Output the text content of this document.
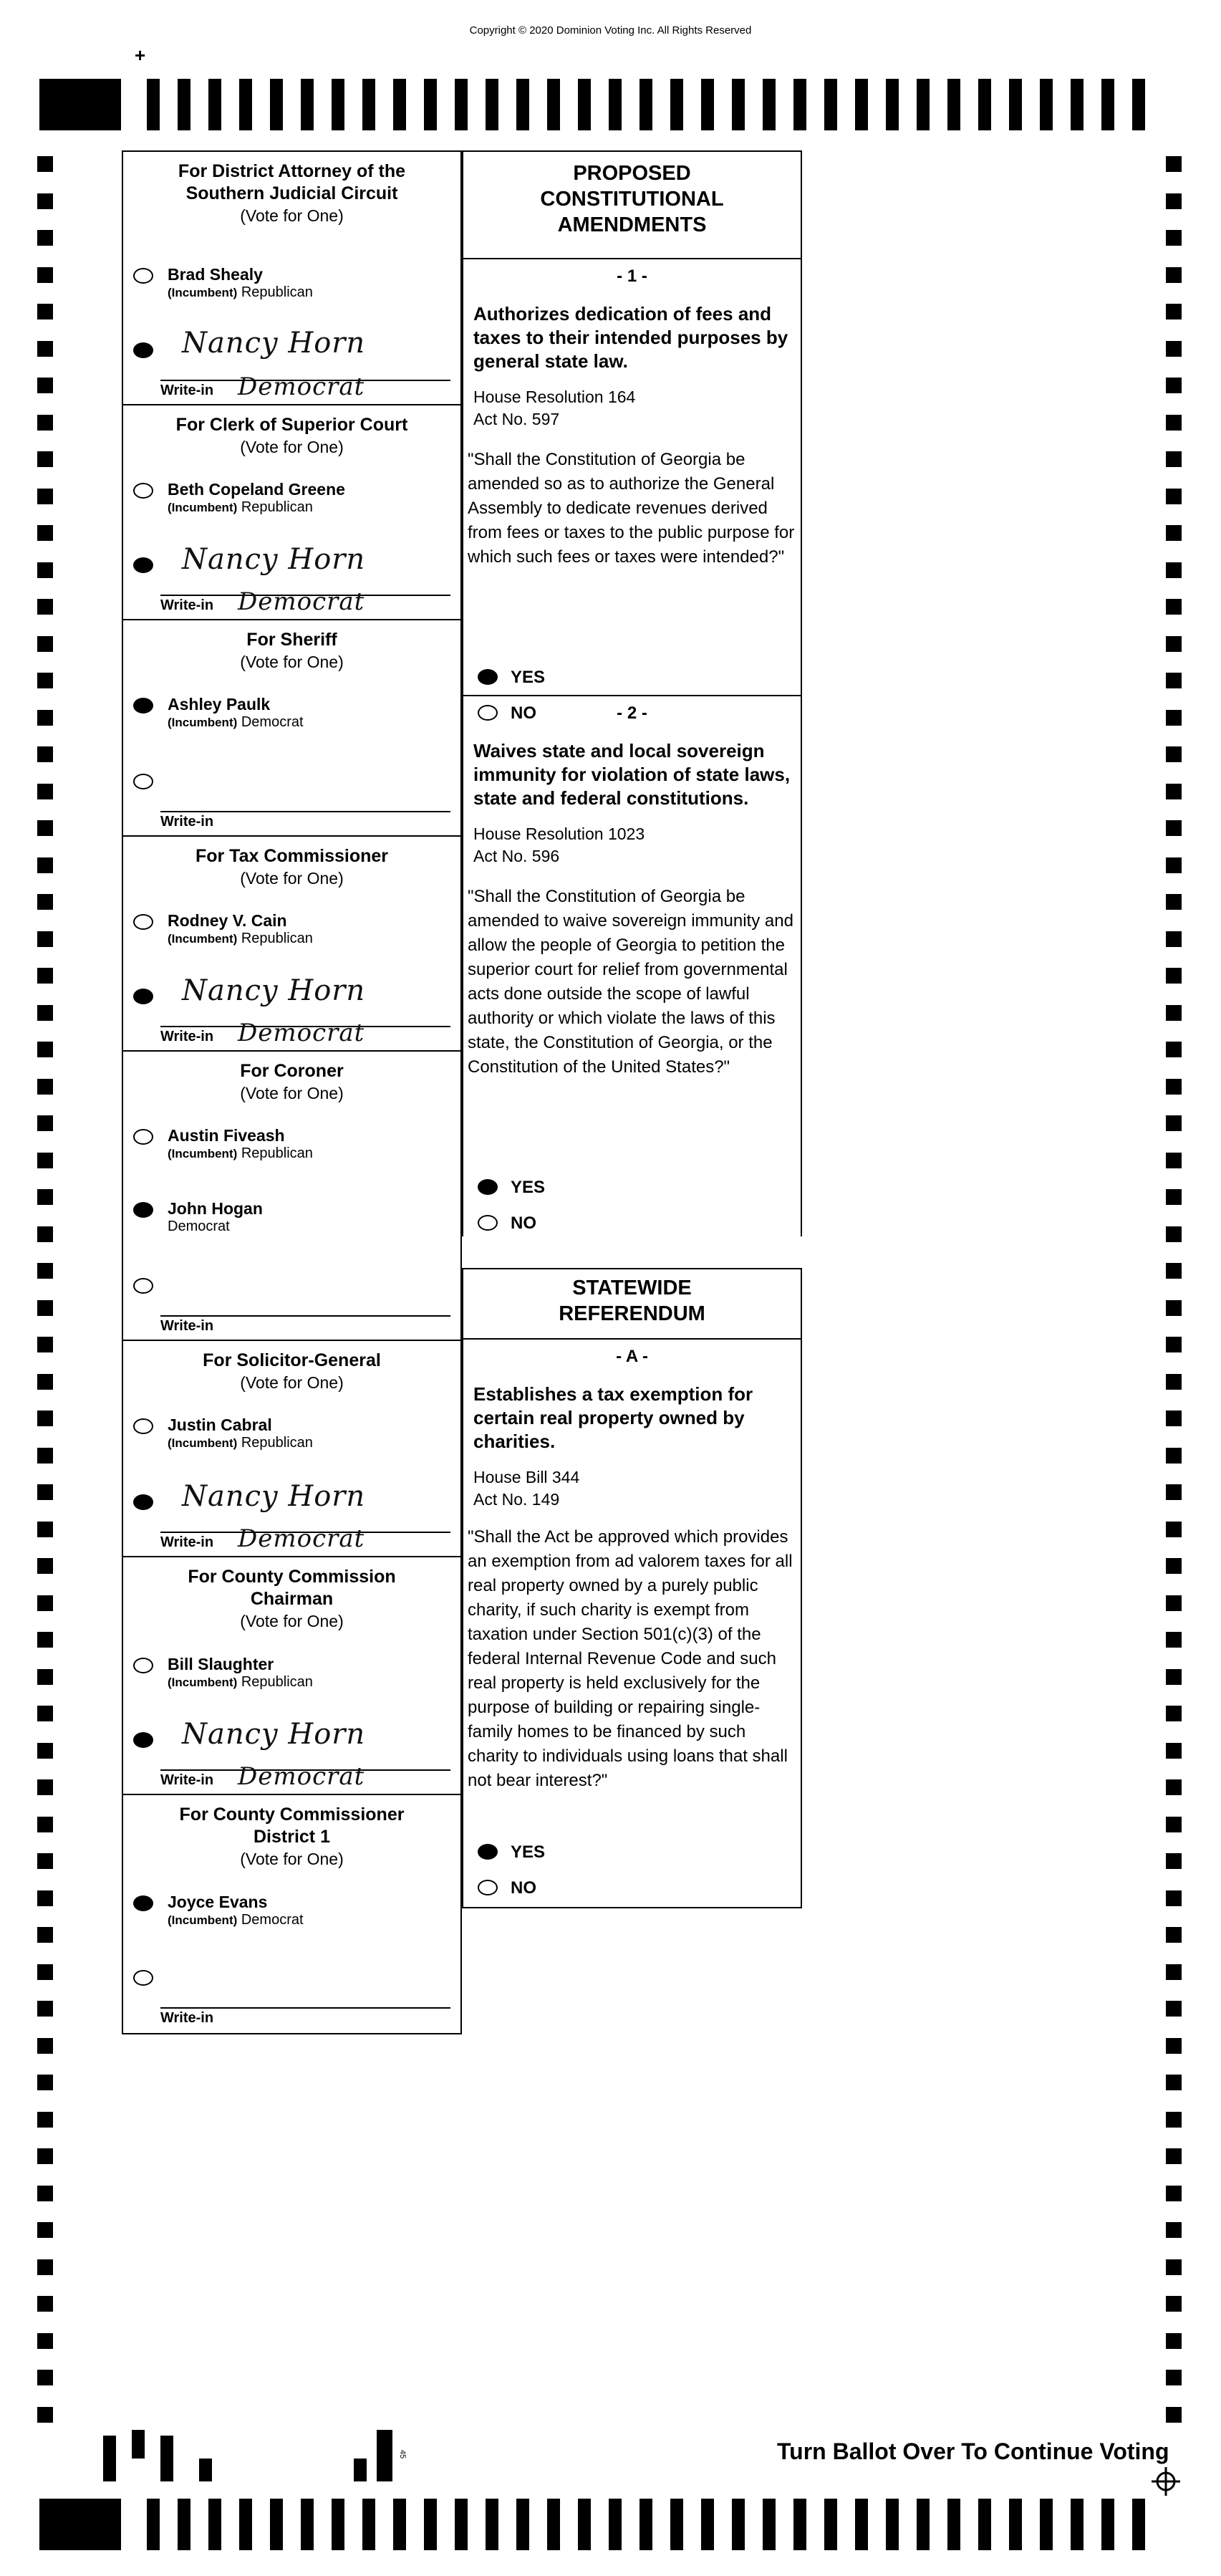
Copyright © 2020 Dominion Voting Inc. All Rights Reserved
+
For District Attorney of the Southern Judicial Circuit
(Vote for One)
Brad Shealy
(Incumbent) Republican
Nancy Horn
Write-in Democrat
For Clerk of Superior Court
(Vote for One)
Beth Copeland Greene
(Incumbent) Republican
Nancy Horn
Write-in Democrat
For Sheriff
(Vote for One)
Ashley Paulk
(Incumbent) Democrat
Write-in
For Tax Commissioner
(Vote for One)
Rodney V. Cain
(Incumbent) Republican
Nancy Horn
Write-in Democrat
For Coroner
(Vote for One)
Austin Fiveash
(Incumbent) Republican
John Hogan
Democrat
Write-in
For Solicitor-General
(Vote for One)
Justin Cabral
(Incumbent) Republican
Nancy Horn
Write-in Democrat
For County Commission Chairman
(Vote for One)
Bill Slaughter
(Incumbent) Republican
Nancy Horn
Write-in Democrat
For County Commissioner District 1
(Vote for One)
Joyce Evans
(Incumbent) Democrat
Write-in
PROPOSED CONSTITUTIONAL AMENDMENTS
- 1 -
Authorizes dedication of fees and taxes to their intended purposes by general state law.
House Resolution 164
Act No. 597
"Shall the Constitution of Georgia be amended so as to authorize the General Assembly to dedicate revenues derived from fees or taxes to the public purpose for which such fees or taxes were intended?"
YES
NO	- 2 -
Waives state and local sovereign immunity for violation of state laws, state and federal constitutions.
House Resolution 1023
Act No. 596
"Shall the Constitution of Georgia be amended to waive sovereign immunity and allow the people of Georgia to petition the superior court for relief from governmental acts done outside the scope of lawful authority or which violate the laws of this state, the Constitution of Georgia, or the Constitution of the United States?"
YES
NO
STATEWIDE REFERENDUM
- A -
Establishes a tax exemption for certain real property owned by charities.
House Bill 344
Act No. 149
"Shall the Act be approved which provides an exemption from ad valorem taxes for all real property owned by a purely public charity, if such charity is exempt from taxation under Section 501(c)(3) of the federal Internal Revenue Code and such real property is held exclusively for the purpose of building or repairing single-family homes to be financed by such charity to individuals using loans that shall not bear interest?"
YES
NO
45	Turn Ballot Over To Continue Voting
